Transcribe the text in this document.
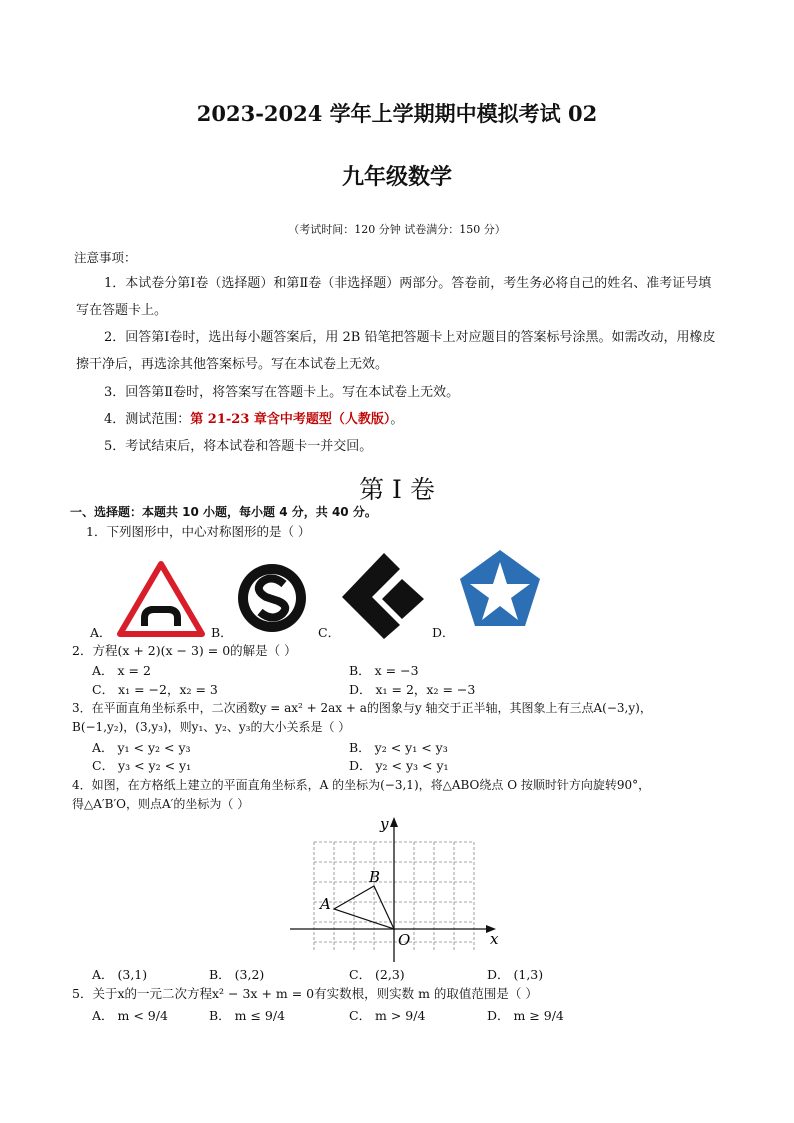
2023-2024 学年上学期期中模拟考试 02
九年级数学
（考试时间：120 分钟 试卷满分：150 分）
注意事项：
1．本试卷分第Ⅰ卷（选择题）和第Ⅱ卷（非选择题）两部分。答卷前，考生务必将自己的姓名、准考证号填写在答题卡上。
2．回答第Ⅰ卷时，选出每小题答案后，用 2B 铅笔把答题卡上对应题目的答案标号涂黑。如需改动，用橡皮擦干净后，再选涂其他答案标号。写在本试卷上无效。
3．回答第Ⅱ卷时，将答案写在答题卡上。写在本试卷上无效。
4．测试范围：第 21-23 章含中考题型（人教版）。
5．考试结束后，将本试卷和答题卡一并交回。
第 I 卷
一、选择题：本题共 10 小题，每小题 4 分，共 40 分。
1．下列图形中，中心对称图形的是（ ）
A．	B．	C．	D．
2．方程(x + 2)(x − 3) = 0的解是（ ）
A． x = 2	B． x = −3
C． x₁ = −2，x₂ = 3	D． x₁ = 2，x₂ = −3
3．在平面直角坐标系中，二次函数y = ax² + 2ax + a的图象与y 轴交于正半轴，其图象上有三点A(−3,y)，
B(−1,y₂)，(3,y₃)，则y₁、y₂、y₃的大小关系是（ ）
A． y₁ < y₂ < y₃	B． y₂ < y₁ < y₃
C． y₃ < y₂ < y₁	D． y₂ < y₃ < y₁
4．如图，在方格纸上建立的平面直角坐标系，A 的坐标为(−3,1)，将△ABO绕点 O 按顺时针方向旋转90°，
得△A′B′O，则点A′的坐标为（ ）
x
y
O
A
B
A． (3,1)	B． (3,2)	C． (2,3)	D． (1,3)
5．关于x的一元二次方程x² − 3x + m = 0有实数根，则实数 m 的取值范围是（ ）
A． m < 9/4	B． m ≤ 9/4	C． m > 9/4	D． m ≥ 9/4
